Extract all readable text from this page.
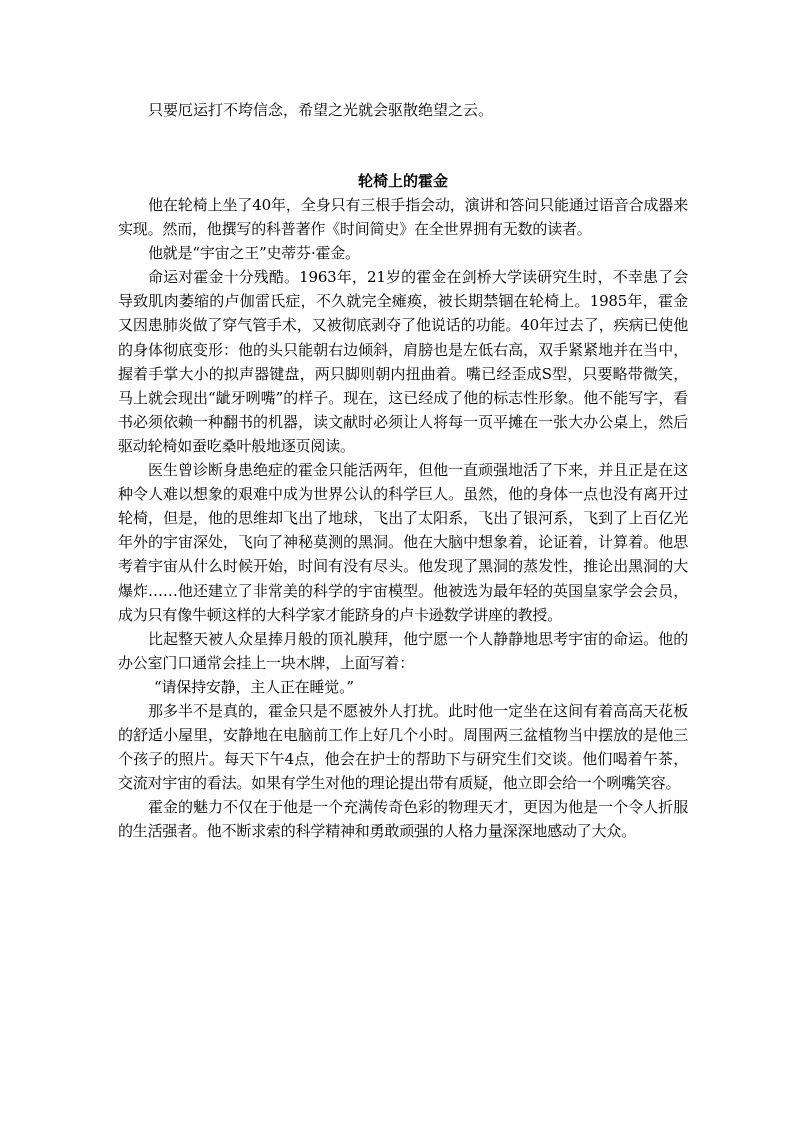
只要厄运打不垮信念，希望之光就会驱散绝望之云。

轮椅上的霍金

他在轮椅上坐了40年，全身只有三根手指会动，演讲和答问只能通过语音合成器来实现。然而，他撰写的科普著作《时间简史》在全世界拥有无数的读者。

他就是“宇宙之王”史蒂芬·霍金。

命运对霍金十分残酷。1963年，21岁的霍金在剑桥大学读研究生时，不幸患了会导致肌肉萎缩的卢伽雷氏症，不久就完全瘫痪，被长期禁锢在轮椅上。1985年，霍金又因患肺炎做了穿气管手术，又被彻底剥夺了他说话的功能。40年过去了，疾病已使他的身体彻底变形：他的头只能朝右边倾斜，肩膀也是左低右高，双手紧紧地并在当中，握着手掌大小的拟声器键盘，两只脚则朝内扭曲着。嘴已经歪成S型，只要略带微笑，马上就会现出“龇牙咧嘴”的样子。现在，这已经成了他的标志性形象。他不能写字，看书必须依赖一种翻书的机器，读文献时必须让人将每一页平摊在一张大办公桌上，然后驱动轮椅如蚕吃桑叶般地逐页阅读。

医生曾诊断身患绝症的霍金只能活两年，但他一直顽强地活了下来，并且正是在这种令人难以想象的艰难中成为世界公认的科学巨人。虽然，他的身体一点也没有离开过轮椅，但是，他的思维却飞出了地球，飞出了太阳系，飞出了银河系，飞到了上百亿光年外的宇宙深处，飞向了神秘莫测的黑洞。他在大脑中想象着，论证着，计算着。他思考着宇宙从什么时候开始，时间有没有尽头。他发现了黑洞的蒸发性，推论出黑洞的大爆炸……他还建立了非常美的科学的宇宙模型。他被选为最年轻的英国皇家学会会员，成为只有像牛顿这样的大科学家才能跻身的卢卡逊数学讲座的教授。

比起整天被人众星捧月般的顶礼膜拜，他宁愿一个人静静地思考宇宙的命运。他的办公室门口通常会挂上一块木牌，上面写着：

“请保持安静，主人正在睡觉。”

那多半不是真的，霍金只是不愿被外人打扰。此时他一定坐在这间有着高高天花板的舒适小屋里，安静地在电脑前工作上好几个小时。周围两三盆植物当中摆放的是他三个孩子的照片。每天下午4点，他会在护士的帮助下与研究生们交谈。他们喝着午茶，交流对宇宙的看法。如果有学生对他的理论提出带有质疑，他立即会给一个咧嘴笑容。

霍金的魅力不仅在于他是一个充满传奇色彩的物理天才，更因为他是一个令人折服的生活强者。他不断求索的科学精神和勇敢顽强的人格力量深深地感动了大众。
